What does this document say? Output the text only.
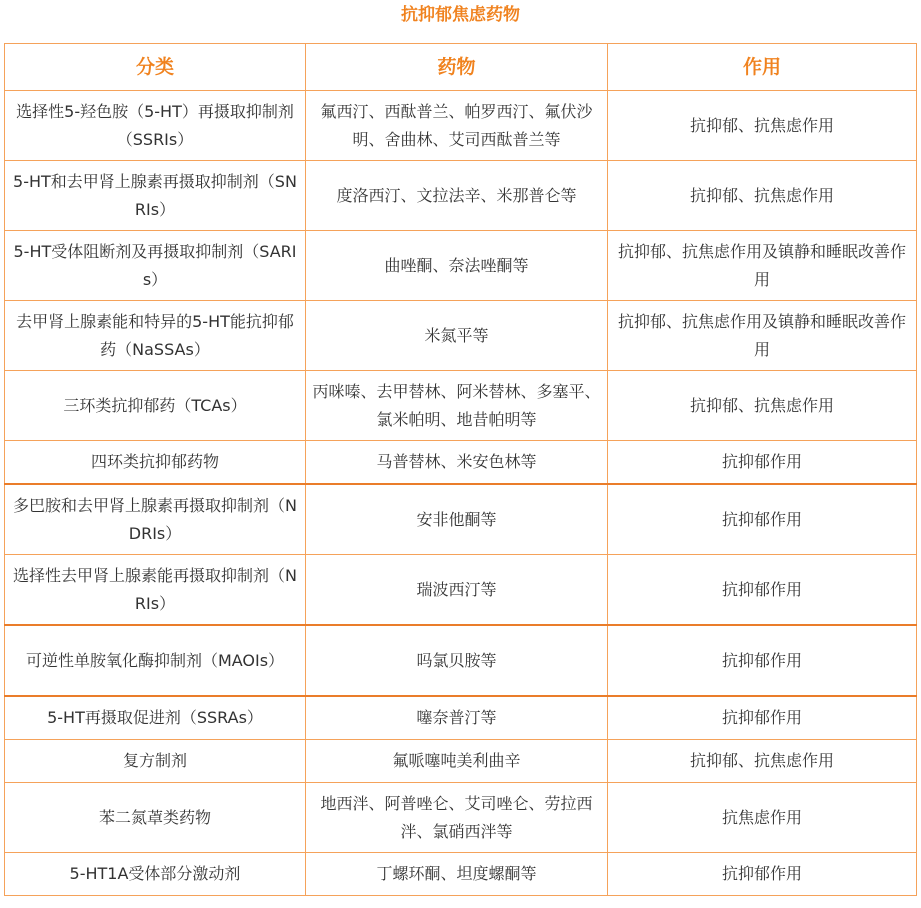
抗抑郁焦虑药物
分类	药物	作用
选择性5-羟色胺（5-HT）再摄取抑制剂（SSRIs）	氟西汀、西酞普兰、帕罗西汀、氟伏沙明、舍曲林、艾司西酞普兰等	抗抑郁、抗焦虑作用
5-HT和去甲肾上腺素再摄取抑制剂（SNRIs）	度洛西汀、文拉法辛、米那普仑等	抗抑郁、抗焦虑作用
5-HT受体阻断剂及再摄取抑制剂（SARIs）	曲唑酮、奈法唑酮等	抗抑郁、抗焦虑作用及镇静和睡眠改善作用
去甲肾上腺素能和特异的5-HT能抗抑郁药（NaSSAs）	米氮平等	抗抑郁、抗焦虑作用及镇静和睡眠改善作用
三环类抗抑郁药（TCAs）	丙咪嗪、去甲替林、阿米替林、多塞平、氯米帕明、地昔帕明等	抗抑郁、抗焦虑作用
四环类抗抑郁药物	马普替林、米安色林等	抗抑郁作用
多巴胺和去甲肾上腺素再摄取抑制剂（NDRIs）	安非他酮等	抗抑郁作用
选择性去甲肾上腺素能再摄取抑制剂（NRIs）	瑞波西汀等	抗抑郁作用
可逆性单胺氧化酶抑制剂（MAOIs）	吗氯贝胺等	抗抑郁作用
5-HT再摄取促进剂（SSRAs）	噻奈普汀等	抗抑郁作用
复方制剂	氟哌噻吨美利曲辛	抗抑郁、抗焦虑作用
苯二氮䓬类药物	地西泮、阿普唑仑、艾司唑仑、劳拉西泮、氯硝西泮等	抗焦虑作用
5-HT1A受体部分激动剂	丁螺环酮、坦度螺酮等	抗抑郁作用
